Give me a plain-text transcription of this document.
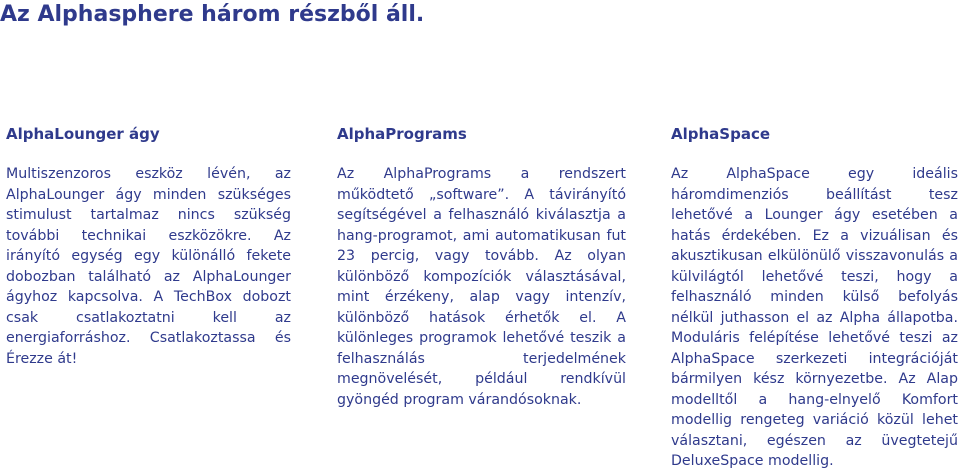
Az Alphasphere három részből áll.
AlphaLounger ágy

Multiszenzoros eszköz lévén, az AlphaLounger ágy minden szükséges stimulust tartalmaz nincs szükség további technikai eszközökre. Az irányító egység egy különálló fekete dobozban található az AlphaLounger ágyhoz kapcsolva. A TechBox dobozt csak csatlakoztatni kell az energiaforráshoz. Csatlakoztassa és Érezze át!

AlphaPrograms

Az AlphaPrograms a rendszert működtető „software”. A távirányító segítségével a felhasználó kiválasztja a hang-programot, ami automatikusan fut 23 percig, vagy tovább. Az olyan különböző kompozíciók választásával, mint érzékeny, alap vagy intenzív, különböző hatások érhetők el. A különleges programok lehetővé teszik a felhasználás terjedelmének megnövelését, például rendkívül gyöngéd program várandósoknak.

AlphaSpace

Az AlphaSpace egy ideális háromdimenziós beállítást tesz lehetővé a Lounger ágy esetében a hatás érdekében. Ez a vizuálisan és akusztikusan elkülönülő visszavonulás a külvilágtól lehetővé teszi, hogy a felhasználó minden külső befolyás nélkül juthasson el az Alpha állapotba. Moduláris felépítése lehetővé teszi az AlphaSpace szerkezeti integrációját bármilyen kész környezetbe. Az Alap modelltől a hang-elnyelő Komfort modellig rengeteg variáció közül lehet választani, egészen az üvegtetejű DeluxeSpace modellig.
